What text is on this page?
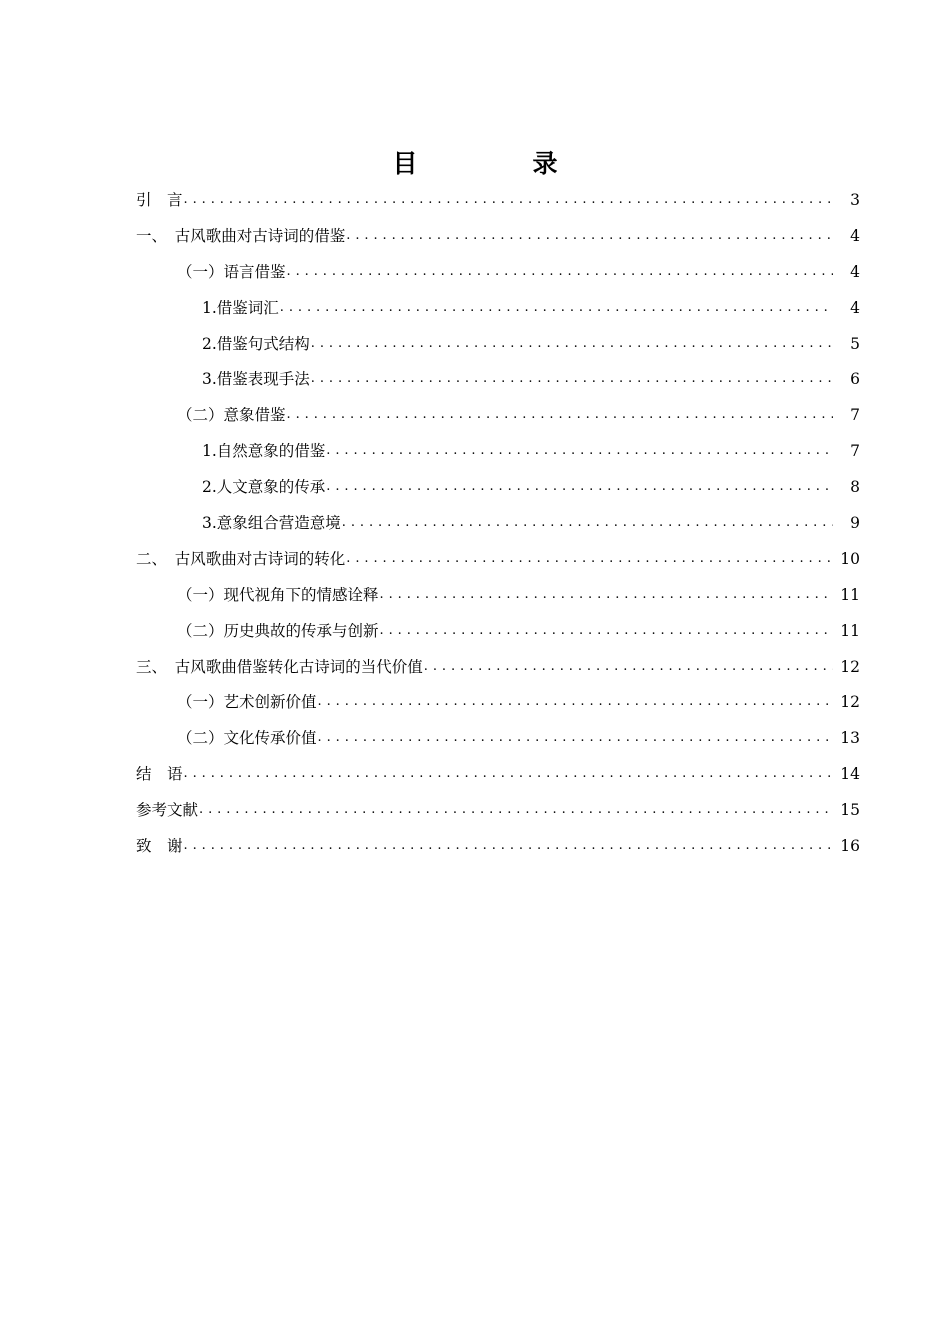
目　录
引　言 . . .	3
一、　古风歌曲对古诗词的借鉴 . . .	4
（一）语言借鉴 . . .	4
1.借鉴词汇 . . .	4
2.借鉴句式结构 . . .	5
3.借鉴表现手法 . . .	6
（二）意象借鉴 . . .	7
1.自然意象的借鉴 . . .	7
2.人文意象的传承 . . .	8
3.意象组合营造意境 . . .	9
二、　古风歌曲对古诗词的转化 . . .	10
（一）现代视角下的情感诠释 . . .	11
（二）历史典故的传承与创新 . . .	11
三、　古风歌曲借鉴转化古诗词的当代价值 . . .	12
（一）艺术创新价值 . . .	12
（二）文化传承价值 . . .	13
结　语 . . .	14
参考文献 . . .	15
致　谢 . . .	16
